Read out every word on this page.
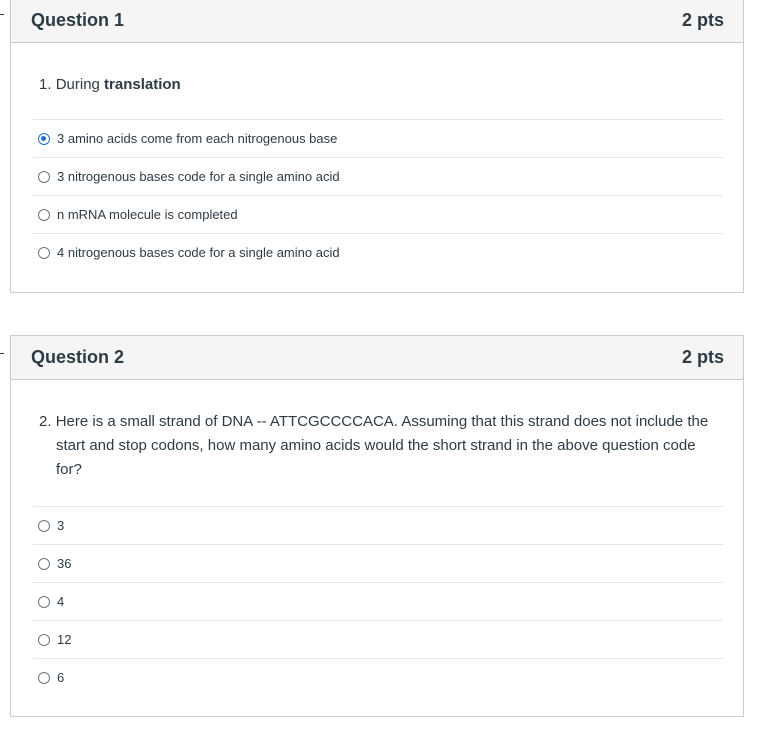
Question 1	2 pts
1. During translation
3 amino acids come from each nitrogenous base
3 nitrogenous bases code for a single amino acid
n mRNA molecule is completed
4 nitrogenous bases code for a single amino acid
Question 2	2 pts
2. Here is a small strand of DNA -- ATTCGCCCCACA. Assuming that this strand does not include the start and stop codons, how many amino acids would the short strand in the above question code for?
3
36
4
12
6
